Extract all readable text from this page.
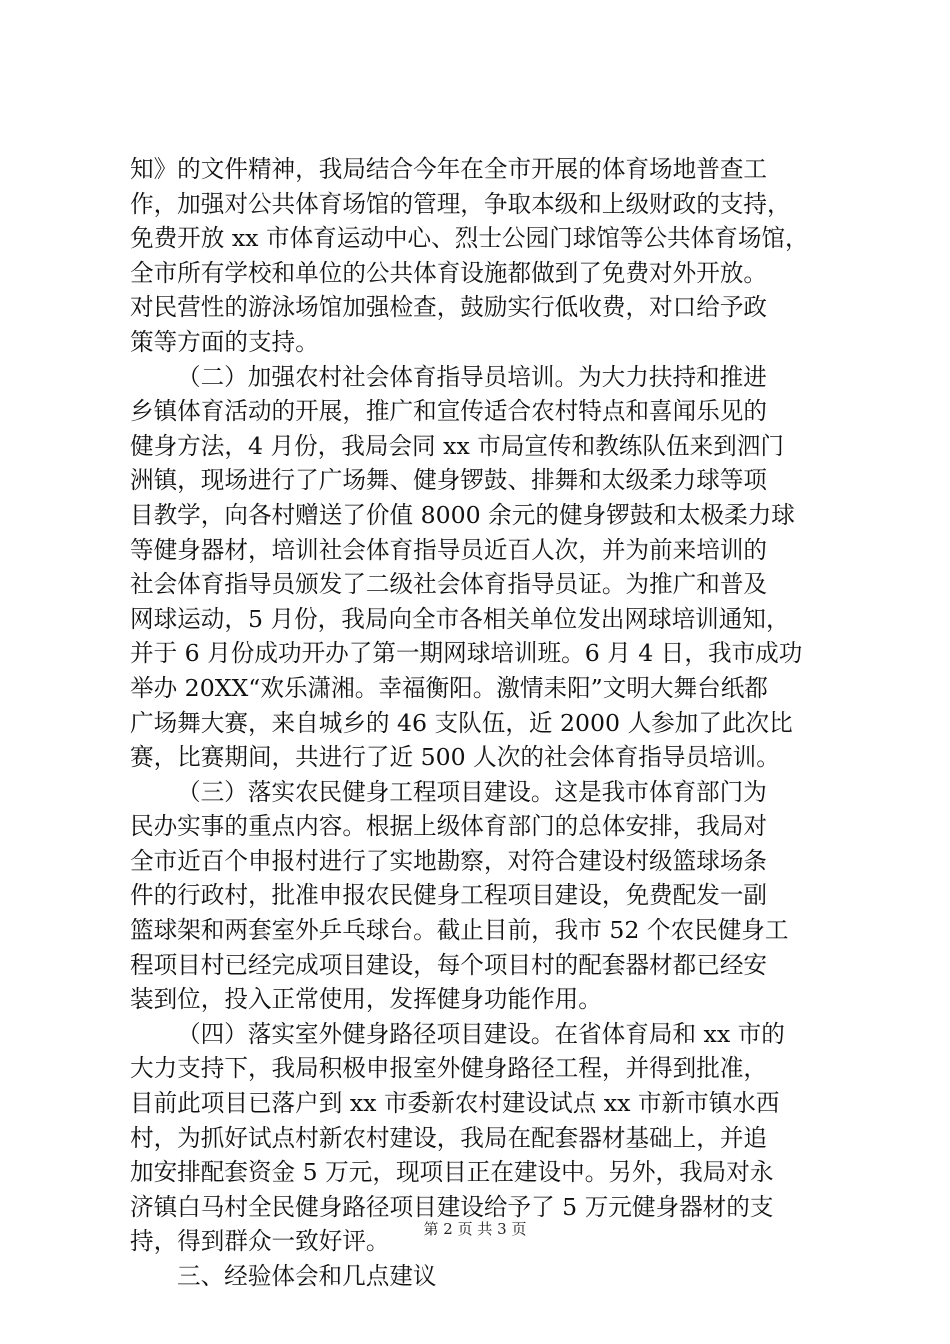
知》的文件精神，我局结合今年在全市开展的体育场地普查工
作，加强对公共体育场馆的管理，争取本级和上级财政的支持，
免费开放 xx 市体育运动中心、烈士公园门球馆等公共体育场馆，
全市所有学校和单位的公共体育设施都做到了免费对外开放。
对民营性的游泳场馆加强检查，鼓励实行低收费，对口给予政
策等方面的支持。
（二）加强农村社会体育指导员培训。为大力扶持和推进
乡镇体育活动的开展，推广和宣传适合农村特点和喜闻乐见的
健身方法，4 月份，我局会同 xx 市局宣传和教练队伍来到泗门
洲镇，现场进行了广场舞、健身锣鼓、排舞和太级柔力球等项
目教学，向各村赠送了价值 8000 余元的健身锣鼓和太极柔力球
等健身器材，培训社会体育指导员近百人次，并为前来培训的
社会体育指导员颁发了二级社会体育指导员证。为推广和普及
网球运动，5 月份，我局向全市各相关单位发出网球培训通知，
并于 6 月份成功开办了第一期网球培训班。6 月 4 日，我市成功
举办 20XX“欢乐潇湘。幸福衡阳。激情耒阳”文明大舞台纸都
广场舞大赛，来自城乡的 46 支队伍，近 2000 人参加了此次比
赛，比赛期间，共进行了近 500 人次的社会体育指导员培训。
（三）落实农民健身工程项目建设。这是我市体育部门为
民办实事的重点内容。根据上级体育部门的总体安排，我局对
全市近百个申报村进行了实地勘察，对符合建设村级篮球场条
件的行政村，批准申报农民健身工程项目建设，免费配发一副
篮球架和两套室外乒乓球台。截止目前，我市 52 个农民健身工
程项目村已经完成项目建设，每个项目村的配套器材都已经安
装到位，投入正常使用，发挥健身功能作用。
（四）落实室外健身路径项目建设。在省体育局和 xx 市的
大力支持下，我局积极申报室外健身路径工程，并得到批准，
目前此项目已落户到 xx 市委新农村建设试点 xx 市新市镇水西
村，为抓好试点村新农村建设，我局在配套器材基础上，并追
加安排配套资金 5 万元，现项目正在建设中。另外，我局对永
济镇白马村全民健身路径项目建设给予了 5 万元健身器材的支
持，得到群众一致好评。
三、经验体会和几点建议
第 2 页 共 3 页
